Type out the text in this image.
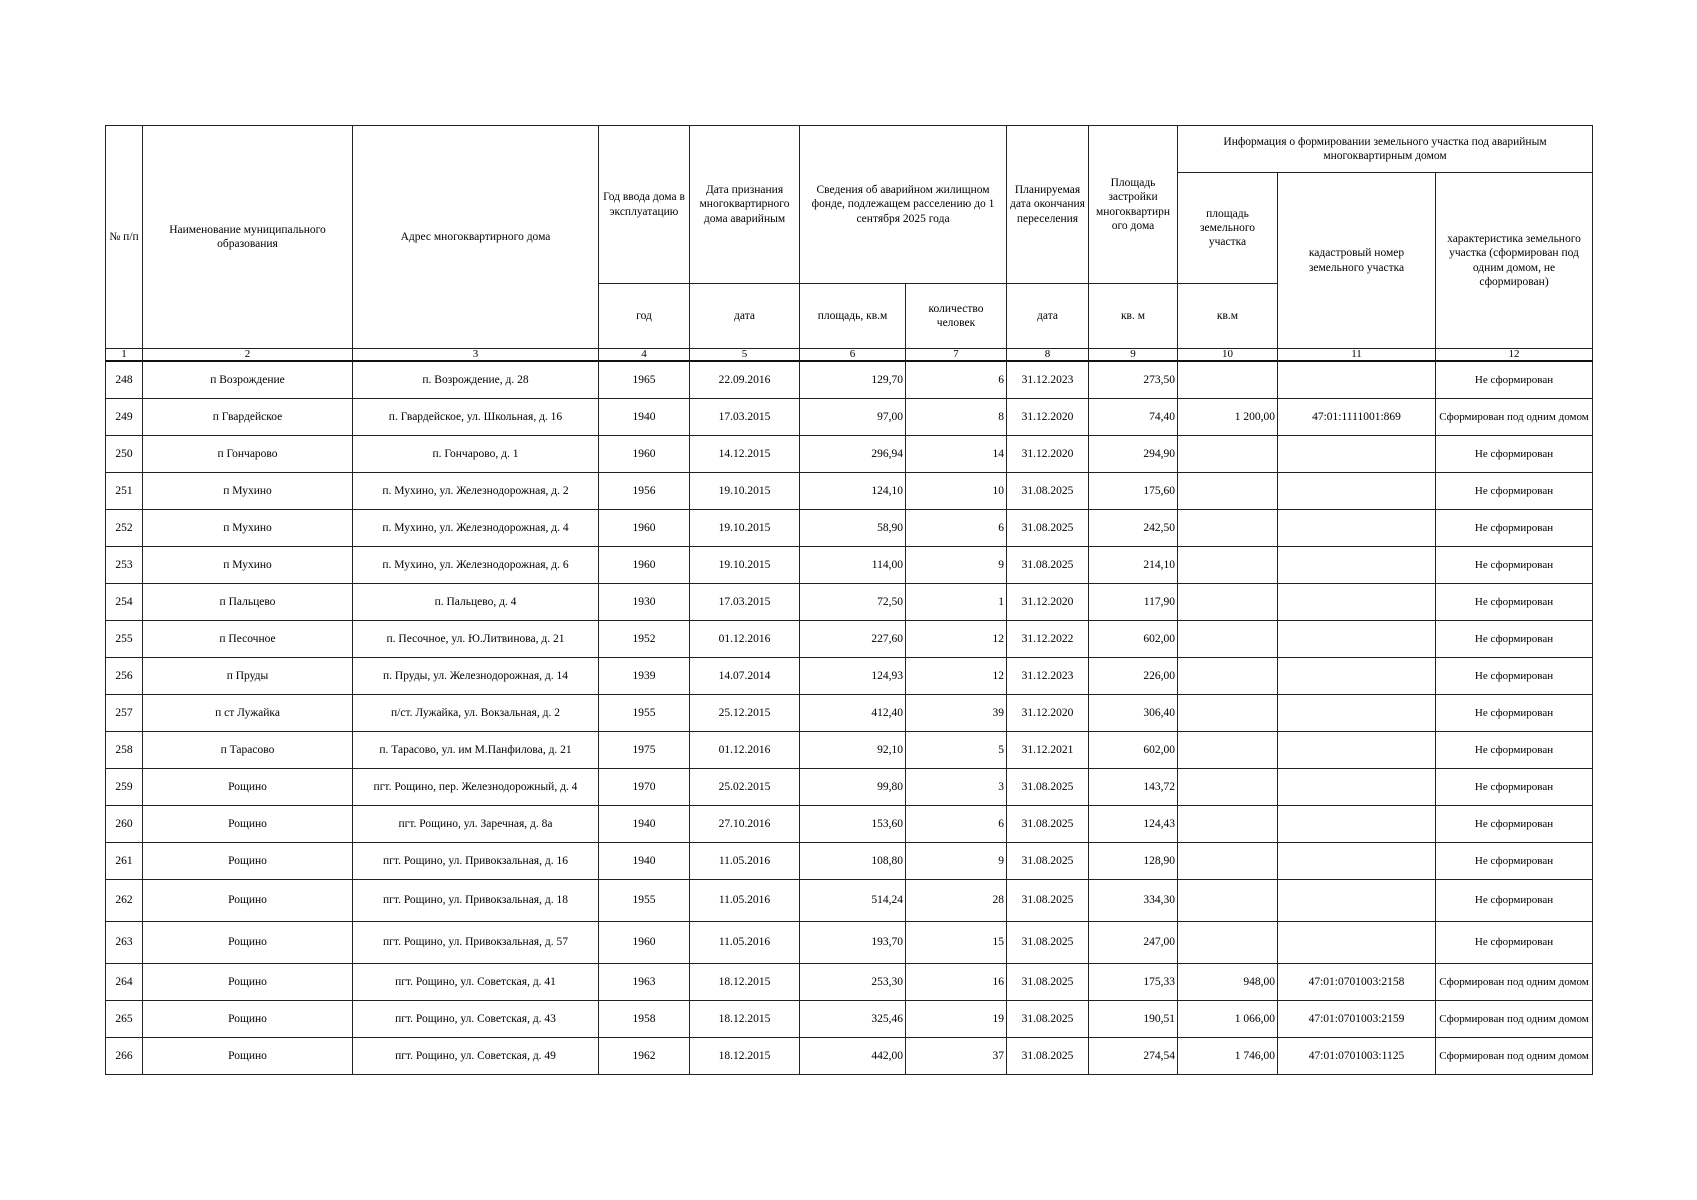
№ п/п	Наименование муниципального образования	Адрес многоквартирного дома	Год ввода дома в эксплуатацию	Дата признания многоквартирного дома аварийным	Сведения об аварийном жилищном фонде, подлежащем расселению до 1 сентября 2025 года		Планируемая дата окончания переселения	Площадь застройки многоквартирн ого дома	Информация о формировании земельного участка под аварийным многоквартирным домом		
									площадь земельного участка	кадастровый номер земельного участка	характеристика земельного участка (сформирован под одним домом, не сформирован)
			год	дата	площадь, кв.м	количество человек	дата	кв. м	кв.м		
1	2	3	4	5	6	7	8	9	10	11	12
248	п Возрождение	п. Возрождение, д. 28	1965	22.09.2016	129,70	6	31.12.2023	273,50			Не сформирован
249	п Гвардейское	п. Гвардейское, ул. Школьная, д. 16	1940	17.03.2015	97,00	8	31.12.2020	74,40	1 200,00	47:01:1111001:869	Сформирован под одним домом
250	п Гончарово	п. Гончарово, д. 1	1960	14.12.2015	296,94	14	31.12.2020	294,90			Не сформирован
251	п Мухино	п. Мухино, ул. Железнодорожная, д. 2	1956	19.10.2015	124,10	10	31.08.2025	175,60			Не сформирован
252	п Мухино	п. Мухино, ул. Железнодорожная, д. 4	1960	19.10.2015	58,90	6	31.08.2025	242,50			Не сформирован
253	п Мухино	п. Мухино, ул. Железнодорожная, д. 6	1960	19.10.2015	114,00	9	31.08.2025	214,10			Не сформирован
254	п Пальцево	п. Пальцево, д. 4	1930	17.03.2015	72,50	1	31.12.2020	117,90			Не сформирован
255	п Песочное	п. Песочное, ул. Ю.Литвинова, д. 21	1952	01.12.2016	227,60	12	31.12.2022	602,00			Не сформирован
256	п Пруды	п. Пруды, ул. Железнодорожная, д. 14	1939	14.07.2014	124,93	12	31.12.2023	226,00			Не сформирован
257	п ст Лужайка	п/ст. Лужайка, ул. Вокзальная, д. 2	1955	25.12.2015	412,40	39	31.12.2020	306,40			Не сформирован
258	п Тарасово	п. Тарасово, ул. им М.Панфилова, д. 21	1975	01.12.2016	92,10	5	31.12.2021	602,00			Не сформирован
259	Рощино	пгт. Рощино, пер. Железнодорожный, д. 4	1970	25.02.2015	99,80	3	31.08.2025	143,72			Не сформирован
260	Рощино	пгт. Рощино, ул. Заречная, д. 8а	1940	27.10.2016	153,60	6	31.08.2025	124,43			Не сформирован
261	Рощино	пгт. Рощино, ул. Привокзальная, д. 16	1940	11.05.2016	108,80	9	31.08.2025	128,90			Не сформирован
262	Рощино	пгт. Рощино, ул. Привокзальная, д. 18	1955	11.05.2016	514,24	28	31.08.2025	334,30			Не сформирован
263	Рощино	пгт. Рощино, ул. Привокзальная, д. 57	1960	11.05.2016	193,70	15	31.08.2025	247,00			Не сформирован
264	Рощино	пгт. Рощино, ул. Советская, д. 41	1963	18.12.2015	253,30	16	31.08.2025	175,33	948,00	47:01:0701003:2158	Сформирован под одним домом
265	Рощино	пгт. Рощино, ул. Советская, д. 43	1958	18.12.2015	325,46	19	31.08.2025	190,51	1 066,00	47:01:0701003:2159	Сформирован под одним домом
266	Рощино	пгт. Рощино, ул. Советская, д. 49	1962	18.12.2015	442,00	37	31.08.2025	274,54	1 746,00	47:01:0701003:1125	Сформирован под одним домом
